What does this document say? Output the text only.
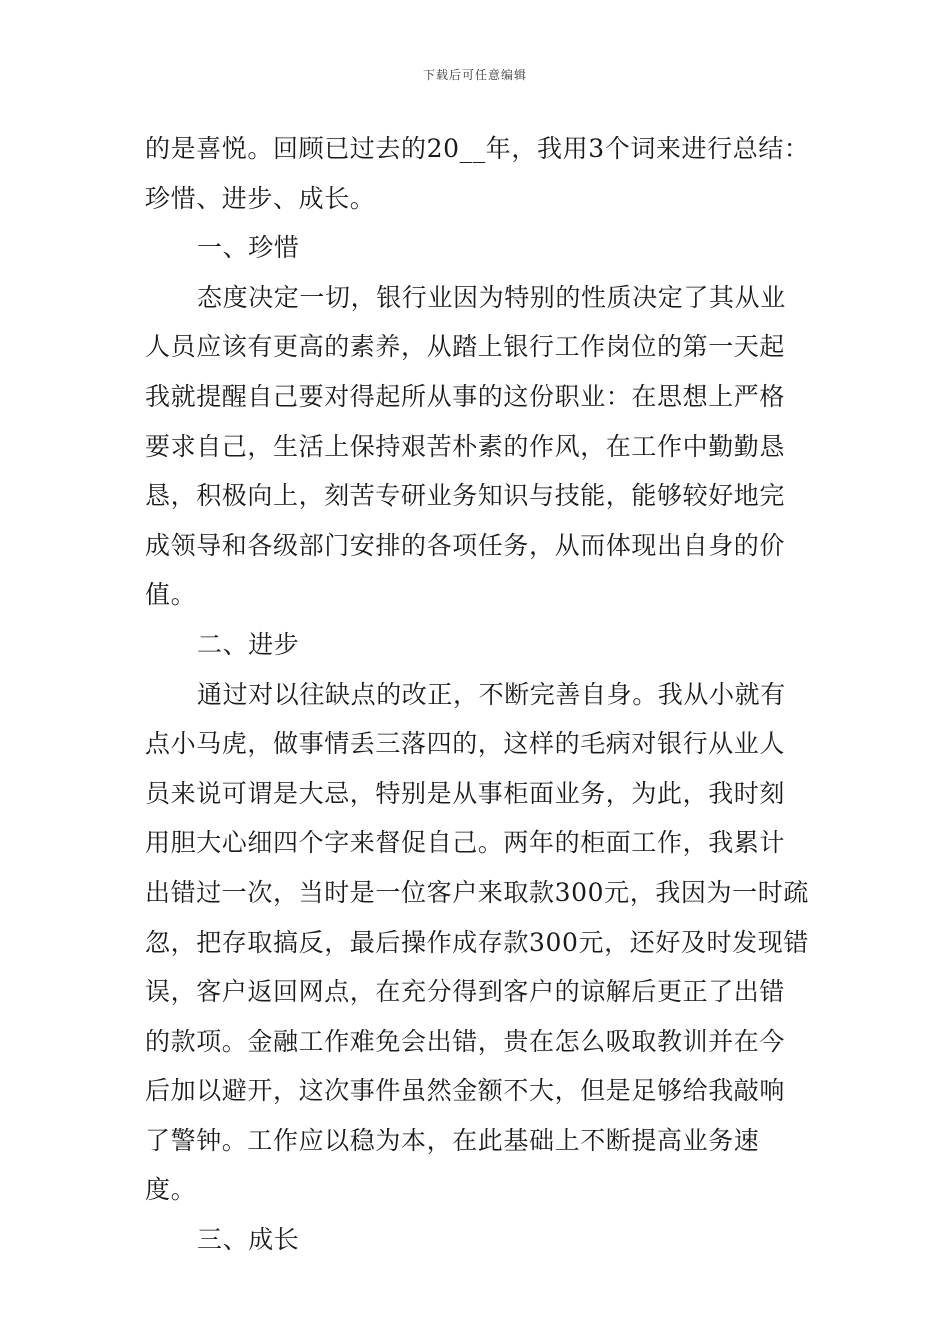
下载后可任意编辑

的是喜悦。回顾已过去的20__年，我用3个词来进行总结：珍惜、进步、成长。

一、珍惜

态度决定一切，银行业因为特别的性质决定了其从业人员应该有更高的素养，从踏上银行工作岗位的第一天起我就提醒自己要对得起所从事的这份职业：在思想上严格要求自己，生活上保持艰苦朴素的作风，在工作中勤勤恳恳，积极向上，刻苦专研业务知识与技能，能够较好地完成领导和各级部门安排的各项任务，从而体现出自身的价值。

二、进步

通过对以往缺点的改正，不断完善自身。我从小就有点小马虎，做事情丢三落四的，这样的毛病对银行从业人员来说可谓是大忌，特别是从事柜面业务，为此，我时刻用胆大心细四个字来督促自己。两年的柜面工作，我累计出错过一次，当时是一位客户来取款300元，我因为一时疏忽，把存取搞反，最后操作成存款300元，还好及时发现错误，客户返回网点，在充分得到客户的谅解后更正了出错的款项。金融工作难免会出错，贵在怎么吸取教训并在今后加以避开，这次事件虽然金额不大，但是足够给我敲响了警钟。工作应以稳为本，在此基础上不断提高业务速度。

三、成长
